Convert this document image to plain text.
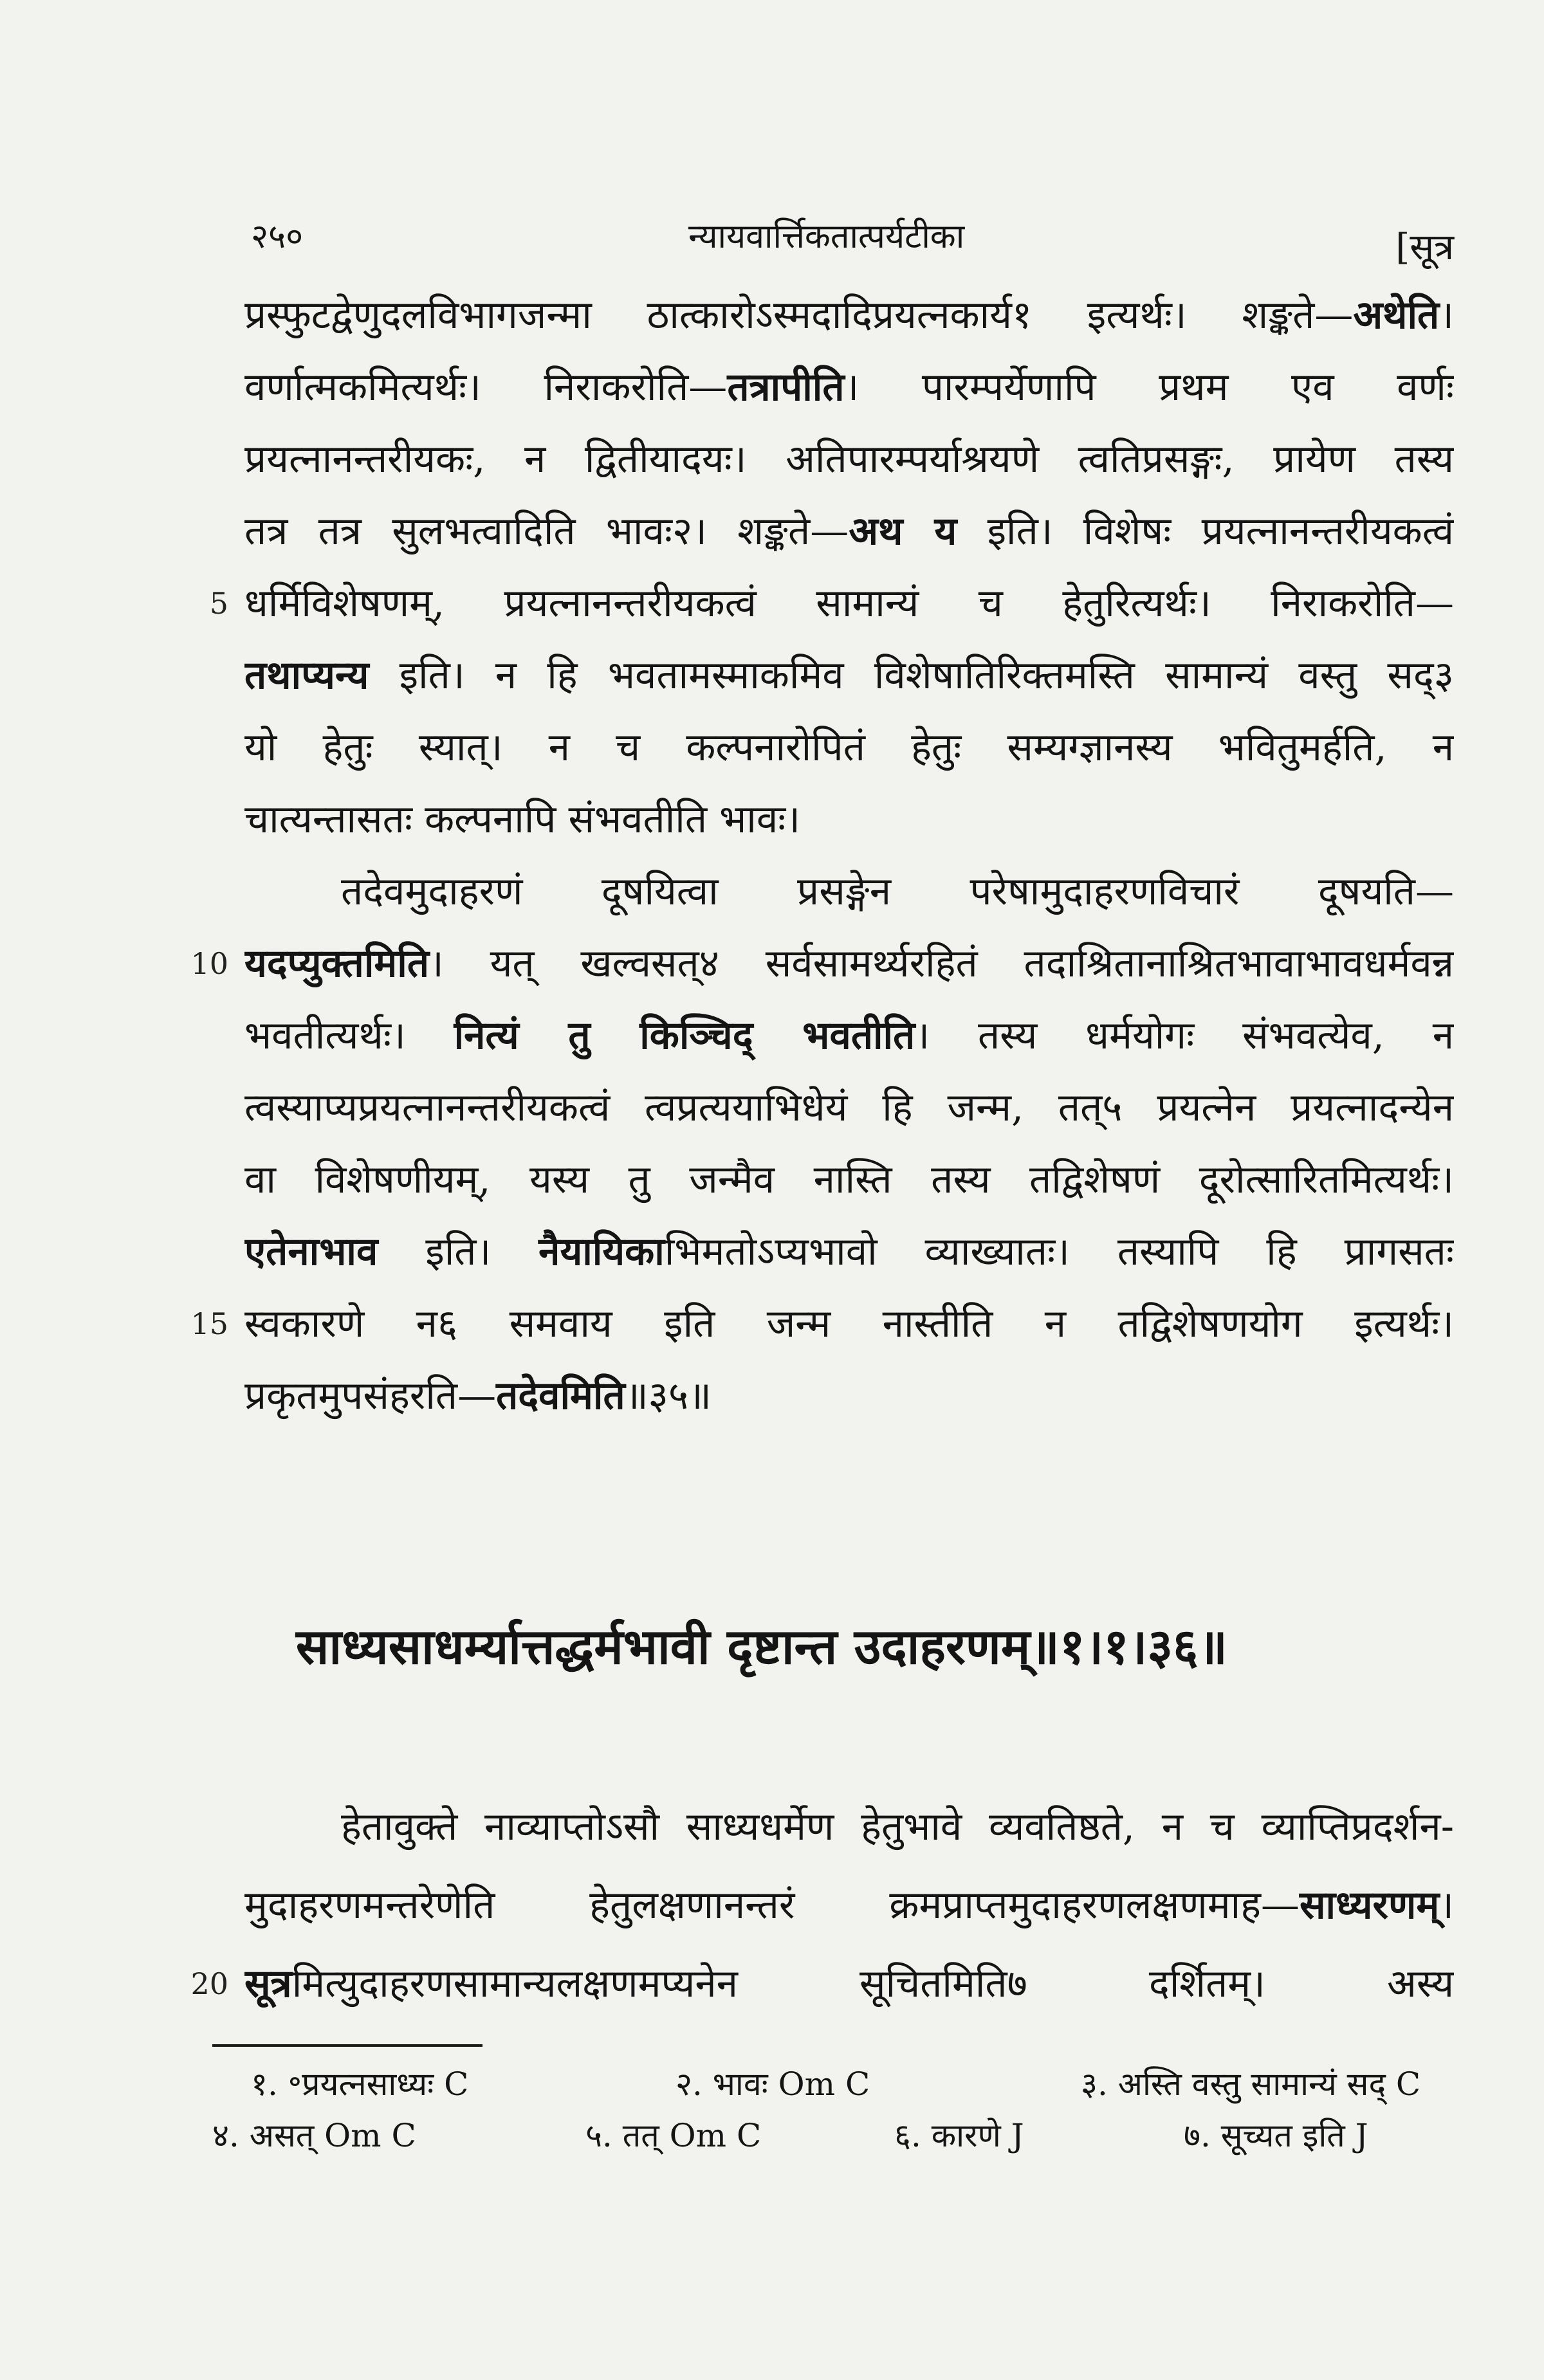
२५०	न्यायवार्त्तिकतात्पर्यटीका	[सूत्र
प्रस्फुटद्वेणुदलविभागजन्मा ठात्कारोऽस्मदादिप्रयत्नकार्य१ इत्यर्थः। शङ्कते—अथेति।
वर्णात्मकमित्यर्थः। निराकरोति—तत्रापीति। पारम्पर्येणापि प्रथम एव वर्णः
प्रयत्नानन्तरीयकः, न द्वितीयादयः। अतिपारम्पर्याश्रयणे त्वतिप्रसङ्गः, प्रायेण तस्य
तत्र तत्र सुलभत्वादिति भावः२। शङ्कते—अथ य इति। विशेषः प्रयत्नानन्तरीयकत्वं
धर्मिविशेषणम्, प्रयत्नानन्तरीयकत्वं सामान्यं च हेतुरित्यर्थः। निराकरोति—
5
तथाप्यन्य इति। न हि भवतामस्माकमिव विशेषातिरिक्तमस्ति सामान्यं वस्तु सद्३
यो हेतुः स्यात्। न च कल्पनारोपितं हेतुः सम्यग्ज्ञानस्य भवितुमर्हति, न
चात्यन्तासतः कल्पनापि संभवतीति भावः।
तदेवमुदाहरणं दूषयित्वा प्रसङ्गेन परेषामुदाहरणविचारं दूषयति—
यदप्युक्तमिति। यत् खल्वसत्४ सर्वसामर्थ्यरहितं तदाश्रितानाश्रितभावाभावधर्मवन्न
10
भवतीत्यर्थः। नित्यं तु किञ्चिद् भवतीति। तस्य धर्मयोगः संभवत्येव, न
त्वस्याप्यप्रयत्नानन्तरीयकत्वं त्वप्रत्ययाभिधेयं हि जन्म, तत्५ प्रयत्नेन प्रयत्नादन्येन
वा विशेषणीयम्, यस्य तु जन्मैव नास्ति तस्य तद्विशेषणं दूरोत्सारितमित्यर्थः।
एतेनाभाव इति। नैयायिकाभिमतोऽप्यभावो व्याख्यातः। तस्यापि हि प्रागसतः
स्वकारणे न६ समवाय इति जन्म नास्तीति न तद्विशेषणयोग इत्यर्थः।
15
प्रकृतमुपसंहरति—तदेवमिति॥३५॥
साध्यसाधर्म्यात्तद्धर्मभावी दृष्टान्त उदाहरणम्॥१।१।३६॥
हेतावुक्ते नाव्याप्तोऽसौ साध्यधर्मेण हेतुभावे व्यवतिष्ठते, न च व्याप्तिप्रदर्शन-
मुदाहरणमन्तरेणेति हेतुलक्षणानन्तरं क्रमप्राप्तमुदाहरणलक्षणमाह—साध्यरणम्।
सूत्रमित्युदाहरणसामान्यलक्षणमप्यनेन सूचितमिति७ दर्शितम्। अस्य
20
१. ॰प्रयत्नसाध्यः C	२. भावः Om C	३. अस्ति वस्तु सामान्यं सद् C
४. असत् Om C	५. तत् Om C	६. कारणे J	७. सूच्यत इति J
